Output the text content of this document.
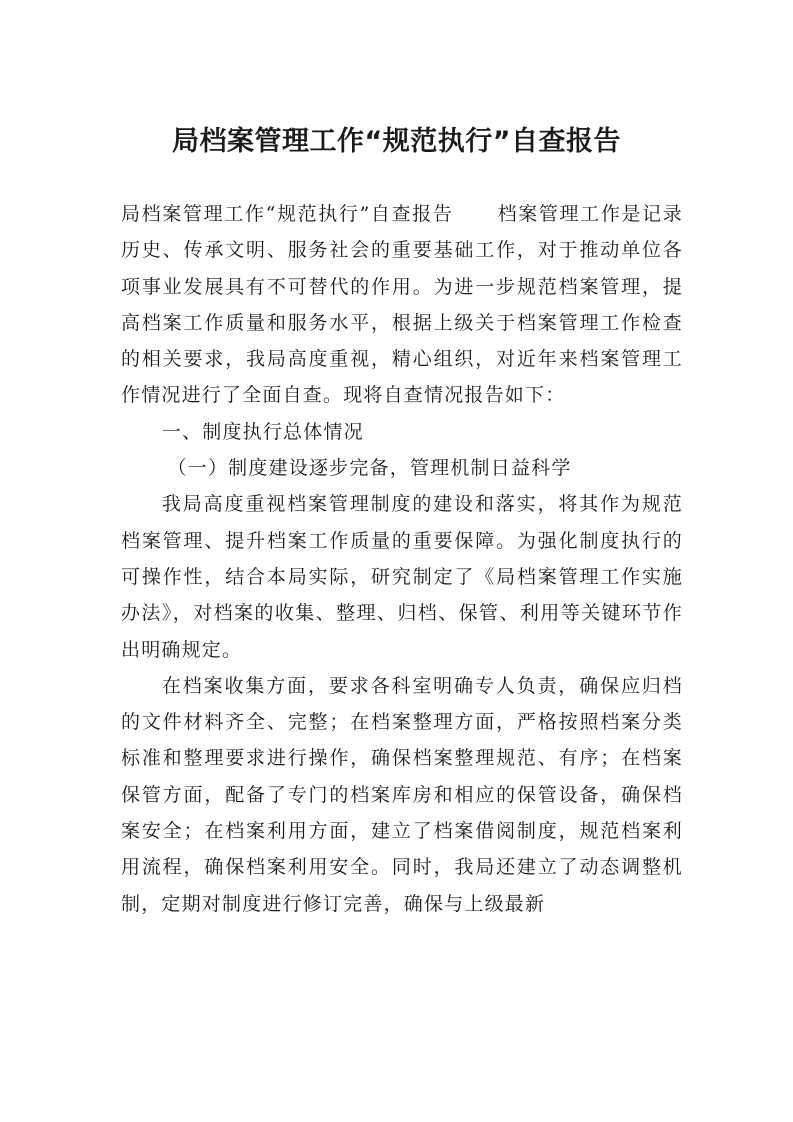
局档案管理工作“规范执行”自查报告

局档案管理工作“规范执行”自查报告 档案管理工作是记录历史、传承文明、服务社会的重要基础工作，对于推动单位各项事业发展具有不可替代的作用。为进一步规范档案管理，提高档案工作质量和服务水平，根据上级关于档案管理工作检查的相关要求，我局高度重视，精心组织，对近年来档案管理工作情况进行了全面自查。现将自查情况报告如下：

一、制度执行总体情况

（一）制度建设逐步完备，管理机制日益科学

我局高度重视档案管理制度的建设和落实，将其作为规范档案管理、提升档案工作质量的重要保障。为强化制度执行的可操作性，结合本局实际，研究制定了《局档案管理工作实施办法》，对档案的收集、整理、归档、保管、利用等关键环节作出明确规定。

在档案收集方面，要求各科室明确专人负责，确保应归档的文件材料齐全、完整；在档案整理方面，严格按照档案分类标准和整理要求进行操作，确保档案整理规范、有序；在档案保管方面，配备了专门的档案库房和相应的保管设备，确保档案安全；在档案利用方面，建立了档案借阅制度，规范档案利用流程，确保档案利用安全。同时，我局还建立了动态调整机制，定期对制度进行修订完善，确保与上级最新
